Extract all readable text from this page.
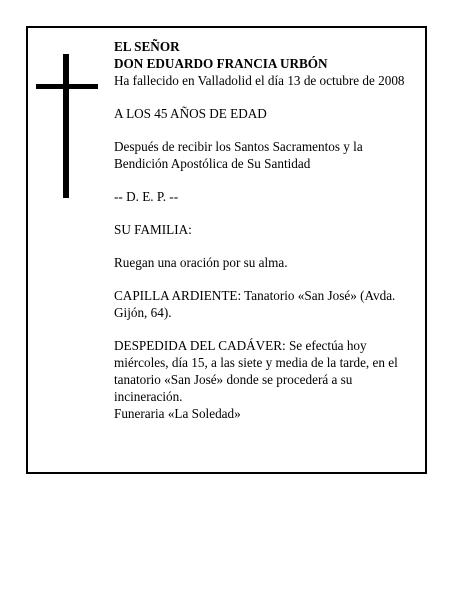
EL SEÑOR

DON EDUARDO FRANCIA URBÓN

Ha fallecido en Valladolid el día 13 de octubre de 2008

A LOS 45 AÑOS DE EDAD

Después de recibir los Santos Sacramentos y la Bendición Apostólica de Su Santidad

-- D. E. P. --

SU FAMILIA:

Ruegan una oración por su alma.

CAPILLA ARDIENTE: Tanatorio «San José» (Avda. Gijón, 64).

DESPEDIDA DEL CADÁVER: Se efectúa hoy miércoles, día 15, a las siete y media de la tarde, en el tanatorio «San José» donde se procederá a su incineración.

Funeraria «La Soledad»
